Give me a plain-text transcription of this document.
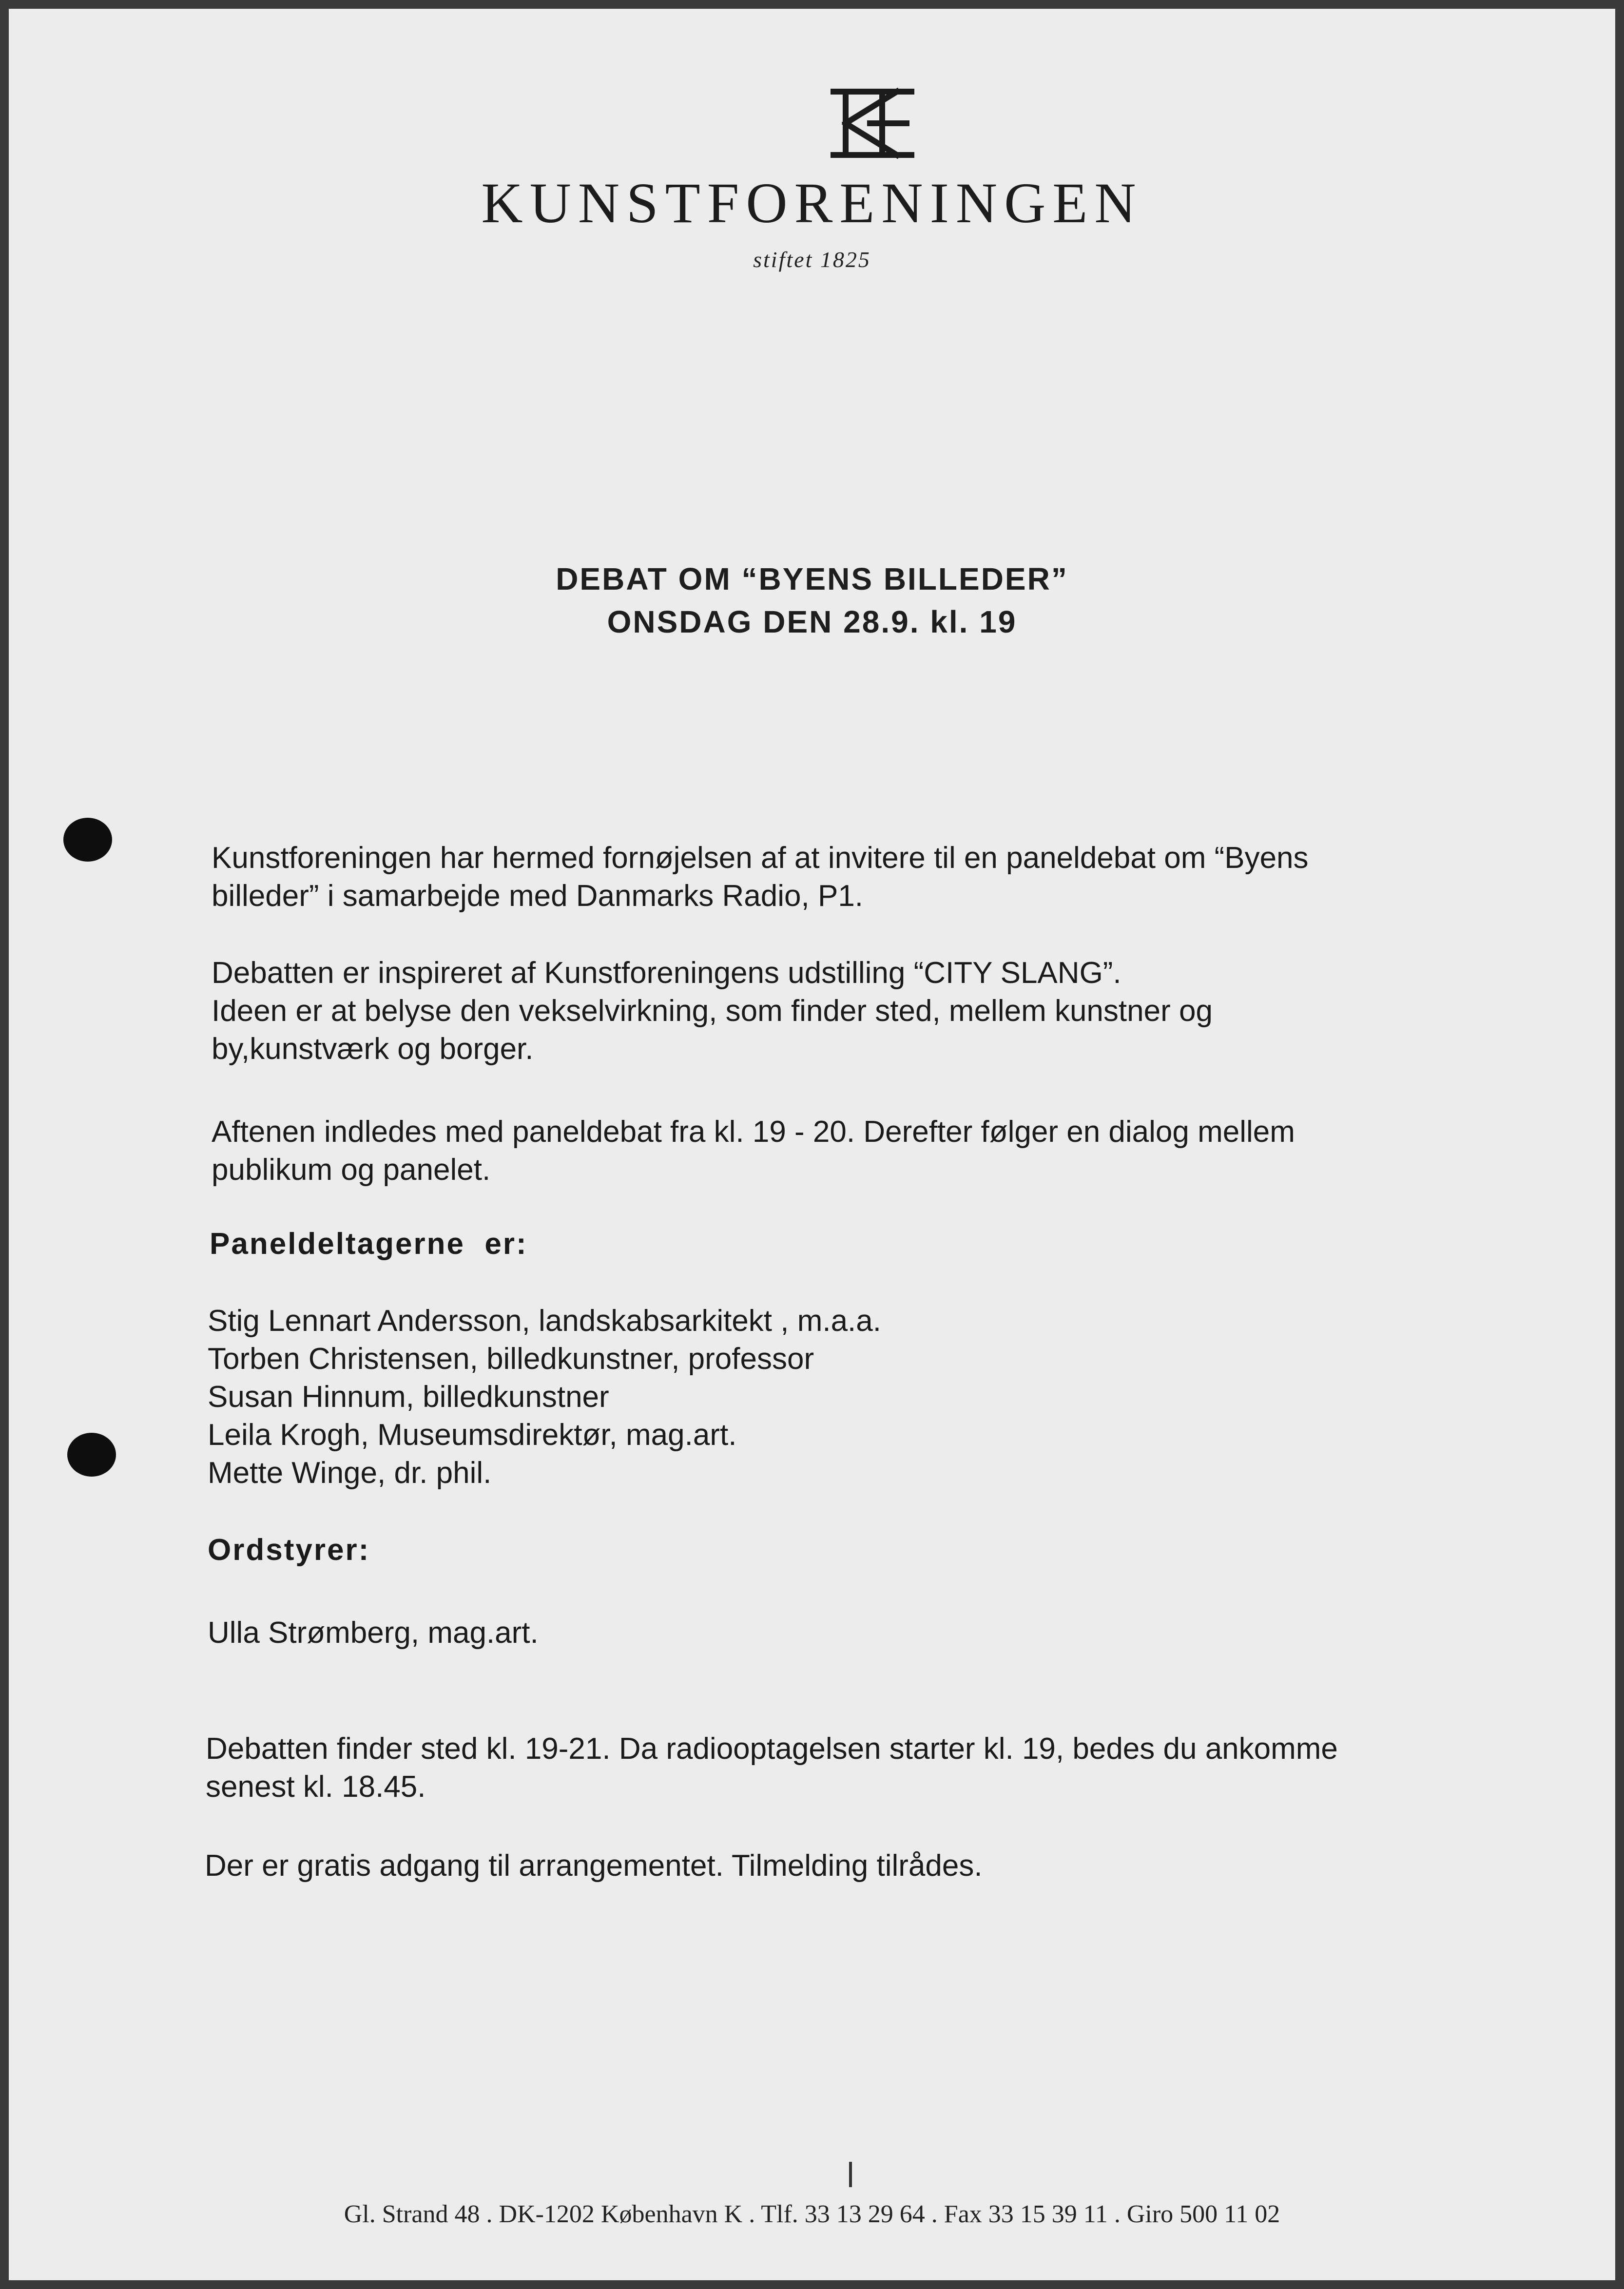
KUNSTFORENINGEN
stiftet 1825
DEBAT OM “BYENS BILLEDER”
ONSDAG DEN 28.9. kl. 19
Kunstforeningen har hermed fornøjelsen af at invitere til en paneldebat om “Byens
billeder” i samarbejde med Danmarks Radio, P1.
Debatten er inspireret af Kunstforeningens udstilling “CITY SLANG”.
Ideen er at belyse den vekselvirkning, som finder sted, mellem kunstner og
by,kunstværk og borger.
Aftenen indledes med paneldebat fra kl. 19 - 20. Derefter følger en dialog mellem
publikum og panelet.
Paneldeltagerne  er:
Stig Lennart Andersson, landskabsarkitekt , m.a.a.
Torben Christensen, billedkunstner, professor
Susan Hinnum, billedkunstner
Leila Krogh, Museumsdirektør, mag.art.
Mette Winge, dr. phil.
Ordstyrer:
Ulla Strømberg, mag.art.
Debatten finder sted kl. 19-21. Da radiooptagelsen starter kl. 19, bedes du ankomme
senest kl. 18.45.
Der er gratis adgang til arrangementet. Tilmelding tilrådes.
Gl. Strand 48 . DK-1202 København K . Tlf. 33 13 29 64 . Fax 33 15 39 11 . Giro 500 11 02
